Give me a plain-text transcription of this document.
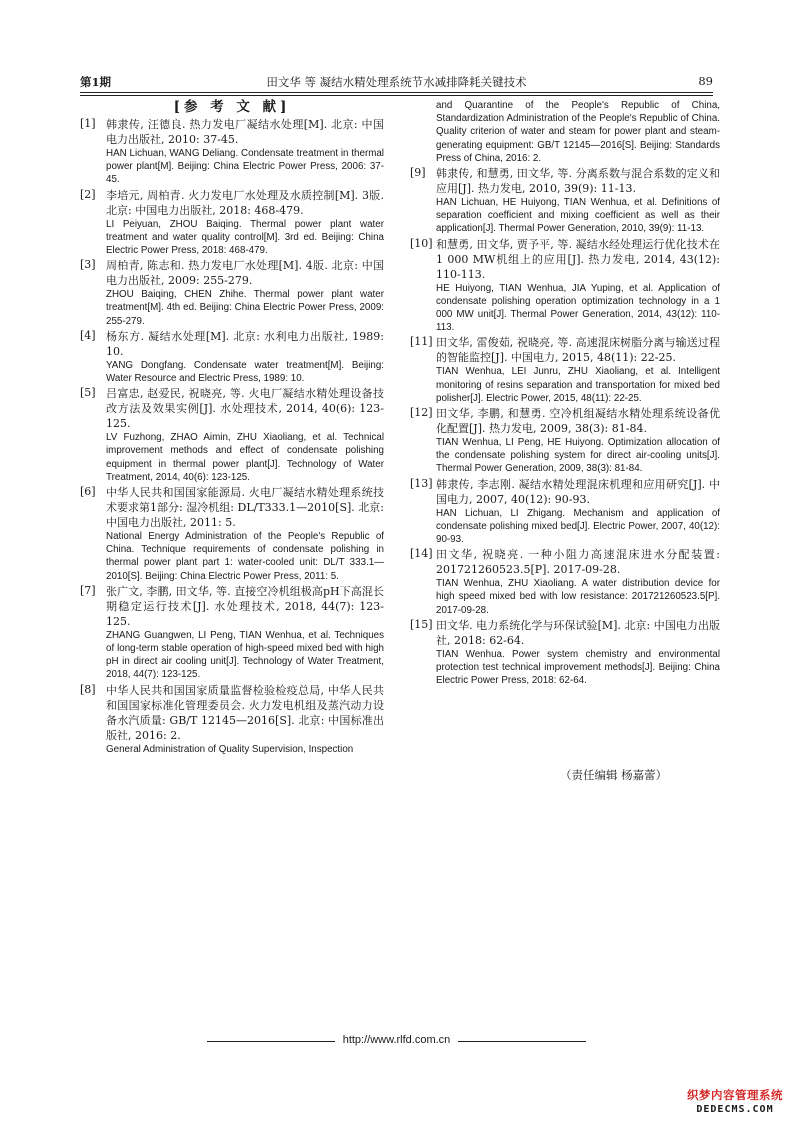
第1期	田文华 等 凝结水精处理系统节水减排降耗关键技术	89
[参 考 文 献]
[1] 韩隶传, 汪德良. 热力发电厂凝结水处理[M]. 北京: 中国电力出版社, 2010: 37-45.
HAN Lichuan, WANG Deliang. Condensate treatment in thermal power plant[M]. Beijing: China Electric Power Press, 2006: 37-45.
[2] 李培元, 周柏青. 火力发电厂水处理及水质控制[M]. 3版. 北京: 中国电力出版社, 2018: 468-479.
LI Peiyuan, ZHOU Baiqing. Thermal power plant water treatment and water quality control[M]. 3rd ed. Beijing: China Electric Power Press, 2018: 468-479.
[3] 周柏青, 陈志和. 热力发电厂水处理[M]. 4版. 北京: 中国电力出版社, 2009: 255-279.
ZHOU Baiqing, CHEN Zhihe. Thermal power plant water treatment[M]. 4th ed. Beijing: China Electric Power Press, 2009: 255-279.
[4] 杨东方. 凝结水处理[M]. 北京: 水利电力出版社, 1989: 10.
YANG Dongfang. Condensate water treatment[M]. Beijing: Water Resource and Electric Press, 1989: 10.
[5] 吕富忠, 赵爱民, 祝晓亮, 等. 火电厂凝结水精处理设备技改方法及效果实例[J]. 水处理技术, 2014, 40(6): 123-125.
LV Fuzhong, ZHAO Aimin, ZHU Xiaoliang, et al. Technical improvement methods and effect of condensate polishing equipment in thermal power plant[J]. Technology of Water Treatment, 2014, 40(6): 123-125.
[6] 中华人民共和国国家能源局. 火电厂凝结水精处理系统技术要求第1部分: 湿冷机组: DL/T333.1—2010[S]. 北京: 中国电力出版社, 2011: 5.
National Energy Administration of the People's Republic of China. Technique requirements of condensate polishing in thermal power plant part 1: water-cooled unit: DL/T 333.1—2010[S]. Beijing: China Electric Power Press, 2011: 5.
[7] 张广文, 李鹏, 田文华, 等. 直接空冷机组极高pH下高混长期稳定运行技术[J]. 水处理技术, 2018, 44(7): 123-125.
ZHANG Guangwen, LI Peng, TIAN Wenhua, et al. Techniques of long-term stable operation of high-speed mixed bed with high pH in direct air cooling unit[J]. Technology of Water Treatment, 2018, 44(7): 123-125.
[8] 中华人民共和国国家质量监督检验检疫总局, 中华人民共和国国家标准化管理委员会. 火力发电机组及蒸汽动力设备水汽质量: GB/T 12145—2016[S]. 北京: 中国标准出版社, 2016: 2.
General Administration of Quality Supervision, Inspection
and Quarantine of the People's Republic of China, Standardization Administration of the People's Republic of China. Quality criterion of water and steam for power plant and steam-generating equipment: GB/T 12145—2016[S]. Beijing: Standards Press of China, 2016: 2.
[9] 韩隶传, 和慧勇, 田文华, 等. 分离系数与混合系数的定义和应用[J]. 热力发电, 2010, 39(9): 11-13.
HAN Lichuan, HE Huiyong, TIAN Wenhua, et al. Definitions of separation coefficient and mixing coefficient as well as their application[J]. Thermal Power Generation, 2010, 39(9): 11-13.
[10] 和慧勇, 田文华, 贾予平, 等. 凝结水经处理运行优化技术在1 000 MW机组上的应用[J]. 热力发电, 2014, 43(12): 110-113.
HE Huiyong, TIAN Wenhua, JIA Yuping, et al. Application of condensate polishing operation optimization technology in a 1 000 MW unit[J]. Thermal Power Generation, 2014, 43(12): 110-113.
[11] 田文华, 雷俊茹, 祝晓亮, 等. 高速混床树脂分离与输送过程的智能监控[J]. 中国电力, 2015, 48(11): 22-25.
TIAN Wenhua, LEI Junru, ZHU Xiaoliang, et al. Intelligent monitoring of resins separation and transportation for mixed bed polisher[J]. Electric Power, 2015, 48(11): 22-25.
[12] 田文华, 李鹏, 和慧勇. 空冷机组凝结水精处理系统设备优化配置[J]. 热力发电, 2009, 38(3): 81-84.
TIAN Wenhua, LI Peng, HE Huiyong. Optimization allocation of the condensate polishing system for direct air-cooling units[J]. Thermal Power Generation, 2009, 38(3): 81-84.
[13] 韩隶传, 李志刚. 凝结水精处理混床机理和应用研究[J]. 中国电力, 2007, 40(12): 90-93.
HAN Lichuan, LI Zhigang. Mechanism and application of condensate polishing mixed bed[J]. Electric Power, 2007, 40(12): 90-93.
[14] 田文华, 祝晓亮. 一种小阻力高速混床进水分配装置: 201721260523.5[P]. 2017-09-28.
TIAN Wenhua, ZHU Xiaoliang. A water distribution device for high speed mixed bed with low resistance: 201721260523.5[P]. 2017-09-28.
[15] 田文华. 电力系统化学与环保试验[M]. 北京: 中国电力出版社, 2018: 62-64.
TIAN Wenhua. Power system chemistry and environmental protection test technical improvement methods[J]. Beijing: China Electric Power Press, 2018: 62-64.
（责任编辑 杨嘉蕾）
http://www.rlfd.com.cn
织梦内容管理系统
DEDECMS.COM
